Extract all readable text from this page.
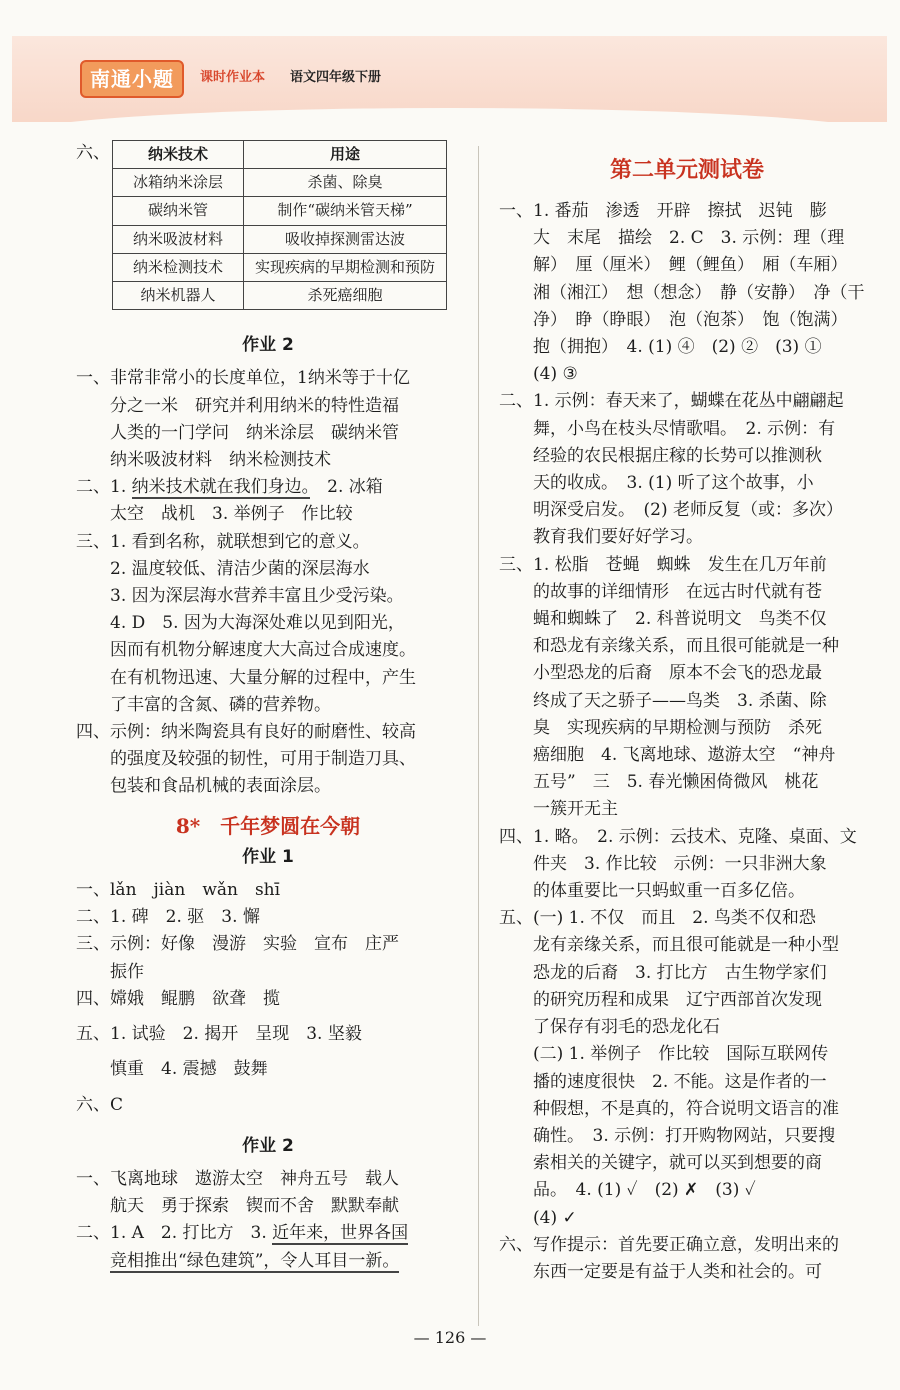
南通小题	课时作业本 语文四年级下册
六、	纳米技术	用途
冰箱纳米涂层	杀菌、除臭
碳纳米管	制作“碳纳米管天梯”
纳米吸波材料	吸收掉探测雷达波
纳米检测技术	实现疾病的早期检测和预防
纳米机器人	杀死癌细胞
作业 2
一、非常非常小的长度单位，1纳米等于十亿
分之一米　研究并利用纳米的特性造福
人类的一门学问　纳米涂层　碳纳米管
纳米吸波材料　纳米检测技术
二、1. 纳米技术就在我们身边。　 2. 冰箱
太空　战机　3. 举例子　作比较
三、1. 看到名称，就联想到它的意义。
2. 温度较低、清洁少菌的深层海水
3. 因为深层海水营养丰富且少受污染。
4. D　5. 因为大海深处难以见到阳光，
因而有机物分解速度大大高过合成速度。
在有机物迅速、大量分解的过程中，产生
了丰富的含氮、磷的营养物。
四、示例：纳米陶瓷具有良好的耐磨性、较高
的强度及较强的韧性，可用于制造刀具、
包装和食品机械的表面涂层。
8*　千年梦圆在今朝
作业 1
一、lǎn　jiàn　wǎn　shī
二、1. 碑　2. 驱　3. 懈
三、示例：好像　漫游　实验　宣布　庄严
振作
四、嫦娥　鲲鹏　欲聋　揽
五、1. 试验　2. 揭开　呈现　3. 坚毅
慎重　4. 震撼　鼓舞
六、C
作业 2
一、飞离地球　遨游太空　神舟五号　载人
航天　勇于探索　锲而不舍　默默奉献
二、1. A　2. 打比方　3. 近年来，世界各国
竞相推出“绿色建筑”，令人耳目一新。
第二单元测试卷
一、1. 番茄　渗透　开辟　擦拭　迟钝　膨
大　末尾　描绘　2. C　3. 示例：理（理
解）　厘（厘米）　鲤（鲤鱼）　厢（车厢）
湘（湘江）　想（想念）　静（安静）　净（干
净）　睁（睁眼）　泡（泡茶）　饱（饱满）
抱（拥抱）　4. (1) ④　(2) ②　(3) ①
(4) ③
二、1. 示例：春天来了，蝴蝶在花丛中翩翩起
舞，小鸟在枝头尽情歌唱。　2. 示例：有
经验的农民根据庄稼的长势可以推测秋
天的收成。　3. (1) 听了这个故事，小
明深受启发。　(2) 老师反复（或：多次）
教育我们要好好学习。
三、1. 松脂　苍蝇　蜘蛛　发生在几万年前
的故事的详细情形　在远古时代就有苍
蝇和蜘蛛了　2. 科普说明文　鸟类不仅
和恐龙有亲缘关系，而且很可能就是一种
小型恐龙的后裔　原本不会飞的恐龙最
终成了天之骄子——鸟类　3. 杀菌、除
臭　实现疾病的早期检测与预防　杀死
癌细胞　4. 飞离地球、遨游太空　“神舟
五号”　三　5. 春光懒困倚微风　桃花
一簇开无主
四、1. 略。　2. 示例：云技术、克隆、桌面、文
件夹　3. 作比较　示例：一只非洲大象
的体重要比一只蚂蚁重一百多亿倍。
五、(一) 1. 不仅　而且　2. 鸟类不仅和恐
龙有亲缘关系，而且很可能就是一种小型
恐龙的后裔　3. 打比方　古生物学家们
的研究历程和成果　辽宁西部首次发现
了保存有羽毛的恐龙化石
(二) 1. 举例子　作比较　国际互联网传
播的速度很快　2. 不能。这是作者的一
种假想，不是真的，符合说明文语言的准
确性。　3. 示例：打开购物网站，只要搜
索相关的关键字，就可以买到想要的商
品。　4. (1) ✓　(2) ✗　(3) ✓
(4) ✓
六、写作提示：首先要正确立意，发明出来的
东西一定要是有益于人类和社会的。可
— 126 —
